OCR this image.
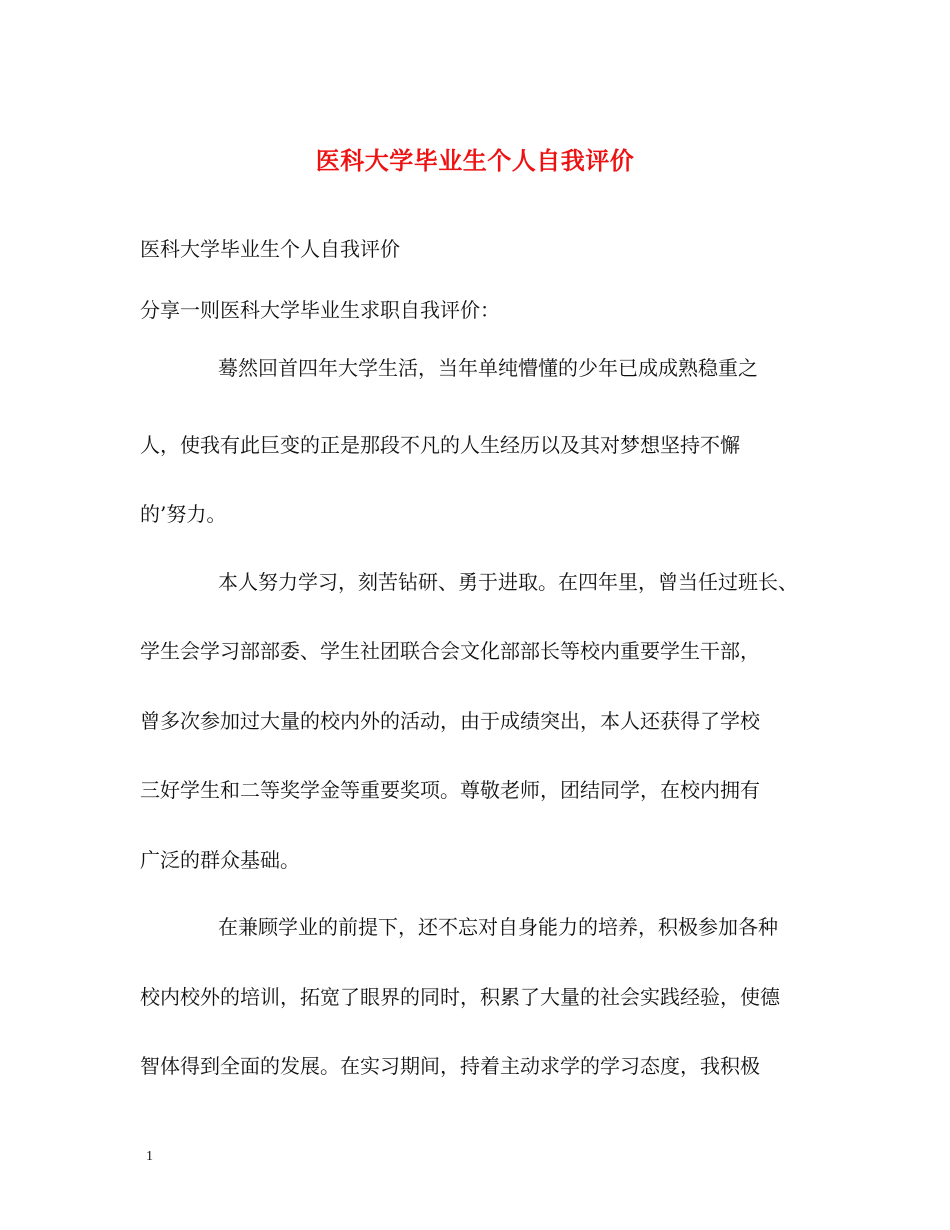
医科大学毕业生个人自我评价
医科大学毕业生个人自我评价
分享一则医科大学毕业生求职自我评价：
蓦然回首四年大学生活，当年单纯懵懂的少年已成成熟稳重之
人，使我有此巨变的正是那段不凡的人生经历以及其对梦想坚持不懈
的’努力。
本人努力学习，刻苦钻研、勇于进取。在四年里，曾当任过班长、
学生会学习部部委、学生社团联合会文化部部长等校内重要学生干部，
曾多次参加过大量的校内外的活动，由于成绩突出，本人还获得了学校
三好学生和二等奖学金等重要奖项。尊敬老师，团结同学，在校内拥有
广泛的群众基础。
在兼顾学业的前提下，还不忘对自身能力的培养，积极参加各种
校内校外的培训，拓宽了眼界的同时，积累了大量的社会实践经验，使德
智体得到全面的发展。在实习期间，持着主动求学的学习态度，我积极
1
